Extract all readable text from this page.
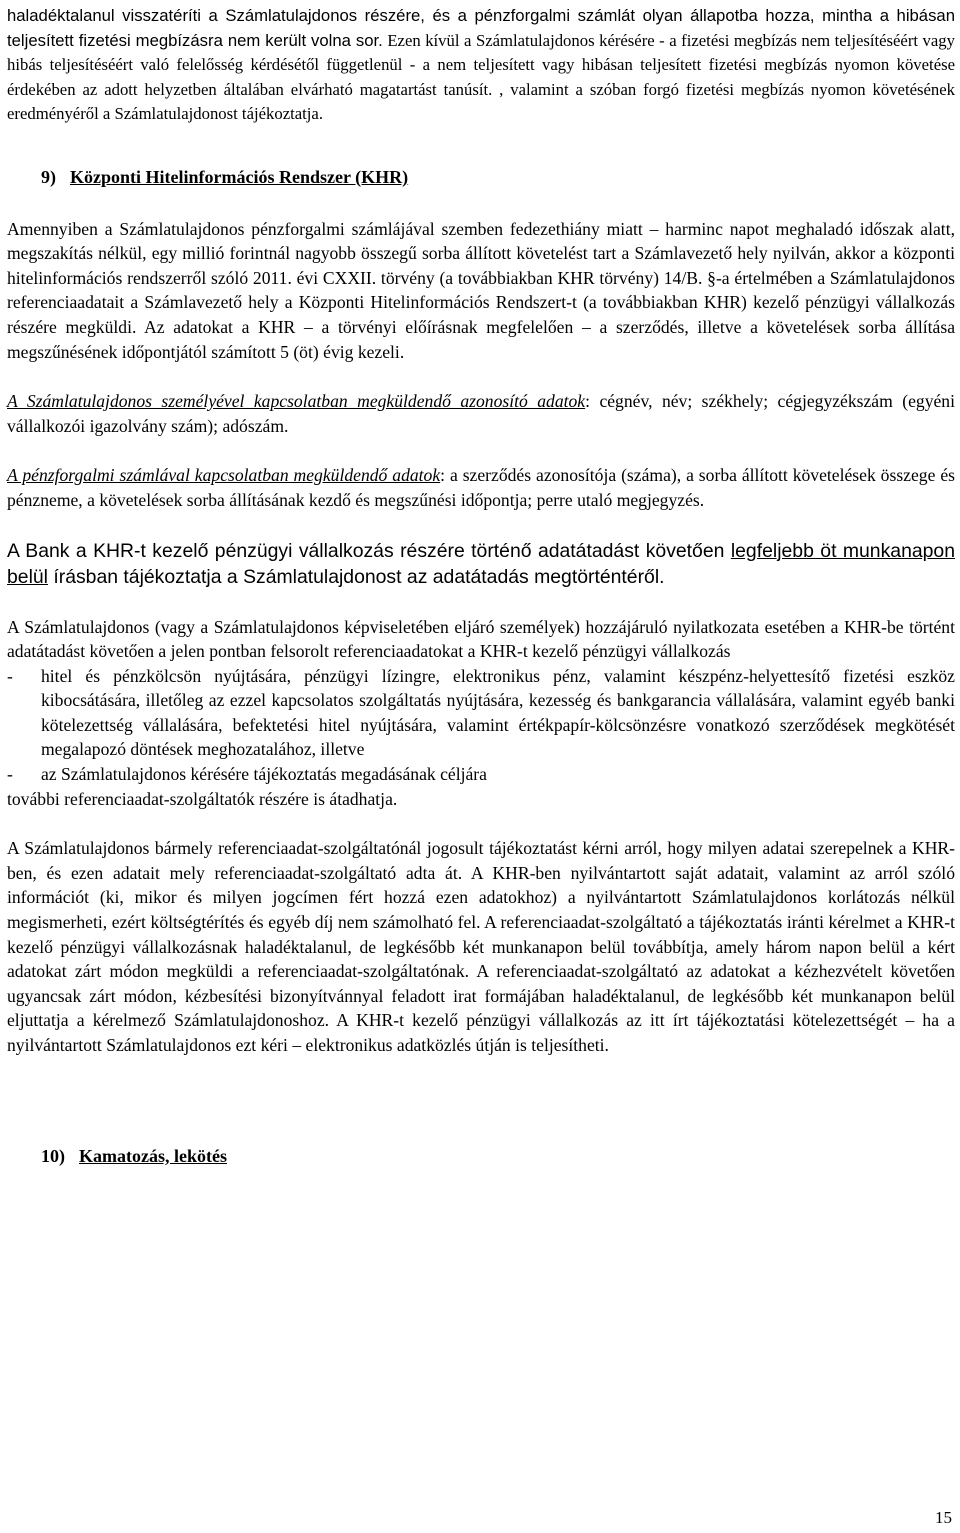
haladéktalanul visszatéríti a Számlatulajdonos részére, és a pénzforgalmi számlát olyan állapotba hozza, mintha a hibásan teljesített fizetési megbízásra nem került volna sor. Ezen kívül a Számlatulajdonos kérésére - a fizetési megbízás nem teljesítéséért vagy hibás teljesítéséért való felelősség kérdésétől függetlenül - a nem teljesített vagy hibásan teljesített fizetési megbízás nyomon követése érdekében az adott helyzetben általában elvárható magatartást tanúsít. , valamint a szóban forgó fizetési megbízás nyomon követésének eredményéről a Számlatulajdonost tájékoztatja.

9) Központi Hitelinformációs Rendszer (KHR)

Amennyiben a Számlatulajdonos pénzforgalmi számlájával szemben fedezethiány miatt – harminc napot meghaladó időszak alatt, megszakítás nélkül, egy millió forintnál nagyobb összegű sorba állított követelést tart a Számlavezető hely nyilván, akkor a központi hitelinformációs rendszerről szóló 2011. évi CXXII. törvény (a továbbiakban KHR törvény) 14/B. §-a értelmében a Számlatulajdonos referenciaadatait a Számlavezető hely a Központi Hitelinformációs Rendszert-t (a továbbiakban KHR) kezelő pénzügyi vállalkozás részére megküldi. Az adatokat a KHR – a törvényi előírásnak megfelelően – a szerződés, illetve a követelések sorba állítása megszűnésének időpontjától számított 5 (öt) évig kezeli.

A Számlatulajdonos személyével kapcsolatban megküldendő azonosító adatok: cégnév, név; székhely; cégjegyzékszám (egyéni vállalkozói igazolvány szám); adószám.

A pénzforgalmi számlával kapcsolatban megküldendő adatok: a szerződés azonosítója (száma), a sorba állított követelések összege és pénzneme, a követelések sorba állításának kezdő és megszűnési időpontja; perre utaló megjegyzés.

A Bank a KHR-t kezelő pénzügyi vállalkozás részére történő adatátadást követően legfeljebb öt munkanapon belül írásban tájékoztatja a Számlatulajdonost az adatátadás megtörténtéről.

A Számlatulajdonos (vagy a Számlatulajdonos képviseletében eljáró személyek) hozzájáruló nyilatkozata esetében a KHR-be történt adatátadást követően a jelen pontban felsorolt referenciaadatokat a KHR-t kezelő pénzügyi vállalkozás

-	hitel és pénzkölcsön nyújtására, pénzügyi lízingre, elektronikus pénz, valamint készpénz-helyettesítő fizetési eszköz kibocsátására, illetőleg az ezzel kapcsolatos szolgáltatás nyújtására, kezesség és bankgarancia vállalására, valamint egyéb banki kötelezettség vállalására, befektetési hitel nyújtására, valamint értékpapír-kölcsönzésre vonatkozó szerződések megkötését megalapozó döntések meghozatalához, illetve
-	az Számlatulajdonos kérésére tájékoztatás megadásának céljára

további referenciaadat-szolgáltatók részére is átadhatja.

A Számlatulajdonos bármely referenciaadat-szolgáltatónál jogosult tájékoztatást kérni arról, hogy milyen adatai szerepelnek a KHR-ben, és ezen adatait mely referenciaadat-szolgáltató adta át. A KHR-ben nyilvántartott saját adatait, valamint az arról szóló információt (ki, mikor és milyen jogcímen fért hozzá ezen adatokhoz) a nyilvántartott Számlatulajdonos korlátozás nélkül megismerheti, ezért költségtérítés és egyéb díj nem számolható fel. A referenciaadat-szolgáltató a tájékoztatás iránti kérelmet a KHR-t kezelő pénzügyi vállalkozásnak haladéktalanul, de legkésőbb két munkanapon belül továbbítja, amely három napon belül a kért adatokat zárt módon megküldi a referenciaadat-szolgáltatónak. A referenciaadat-szolgáltató az adatokat a kézhezvételt követően ugyancsak zárt módon, kézbesítési bizonyítvánnyal feladott irat formájában haladéktalanul, de legkésőbb két munkanapon belül eljuttatja a kérelmező Számlatulajdonoshoz. A KHR-t kezelő pénzügyi vállalkozás az itt írt tájékoztatási kötelezettségét – ha a nyilvántartott Számlatulajdonos ezt kéri – elektronikus adatközlés útján is teljesítheti.

10) Kamatozás, lekötés
15
